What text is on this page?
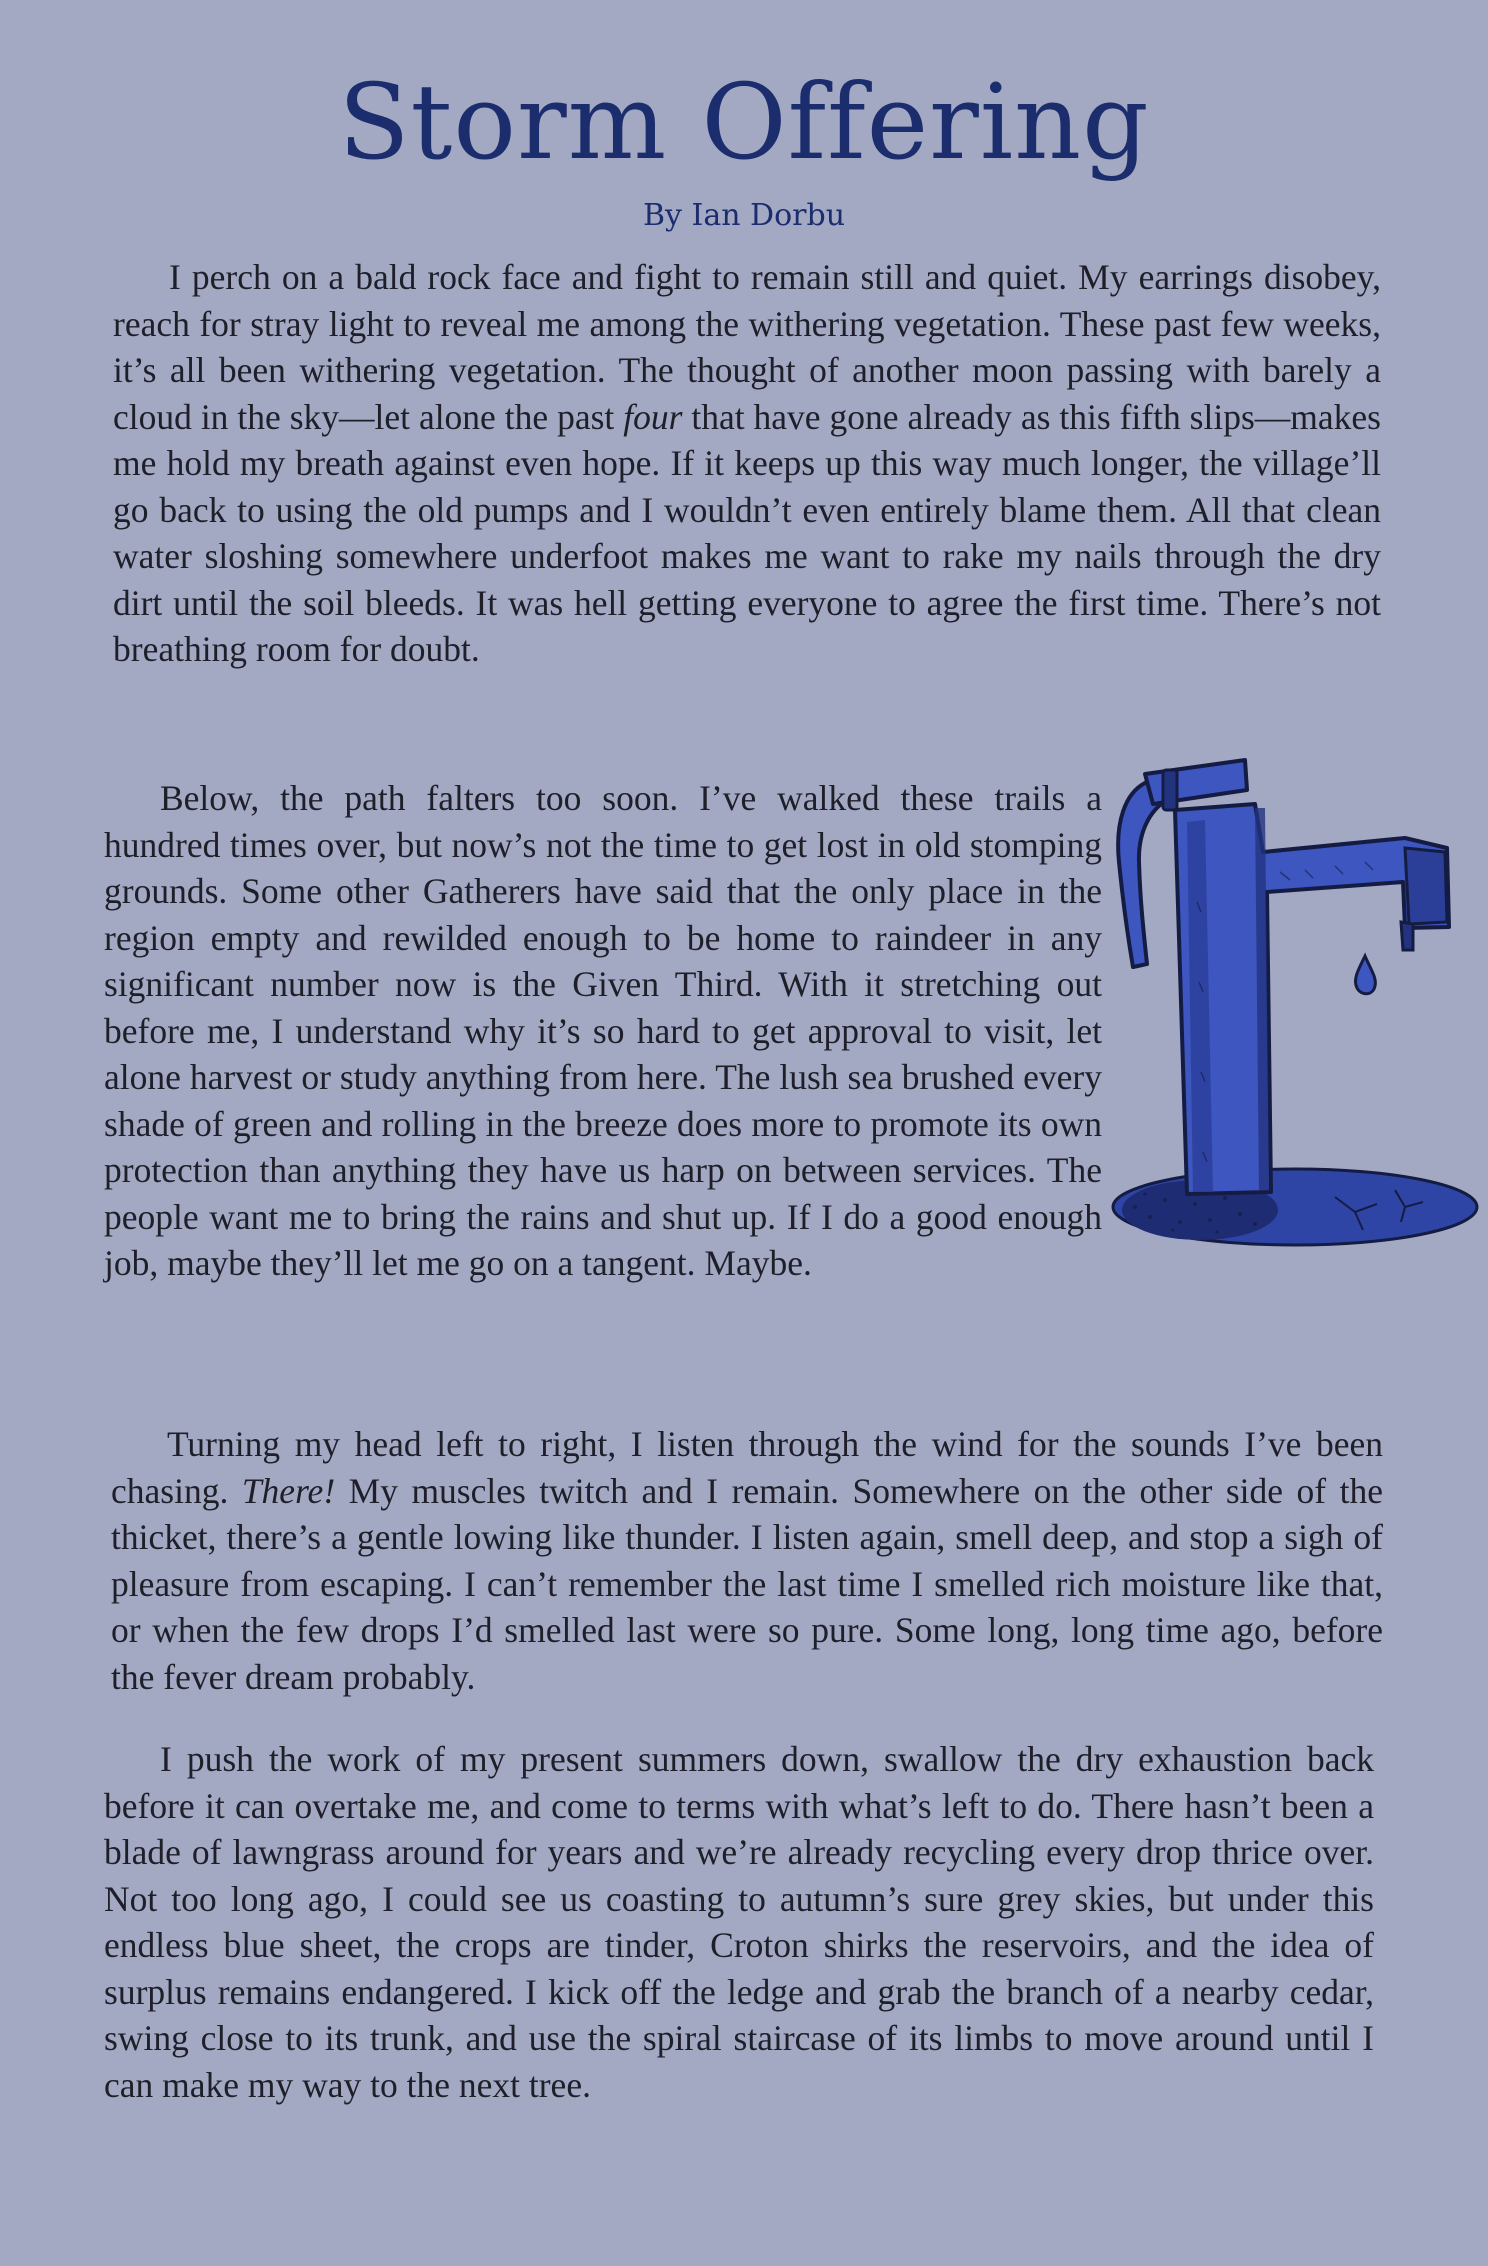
Storm Offering
By Ian Dorbu

I perch on a bald rock face and fight to remain still and quiet. My earrings disobey, reach for stray light to reveal me among the withering vegetation. These past few weeks, it’s all been withering vegetation. The thought of another moon passing with barely a cloud in the sky—let alone the past four that have gone already as this fifth slips—makes me hold my breath against even hope. If it keeps up this way much longer, the village’ll go back to using the old pumps and I wouldn’t even entirely blame them. All that clean water sloshing somewhere underfoot makes me want to rake my nails through the dry dirt until the soil bleeds. It was hell getting everyone to agree the first time. There’s not breathing room for doubt.

Below, the path falters too soon. I’ve walked these trails a hundred times over, but now’s not the time to get lost in old stomping grounds. Some other Gatherers have said that the only place in the region empty and rewilded enough to be home to raindeer in any significant number now is the Given Third. With it stretching out before me, I understand why it’s so hard to get approval to visit, let alone harvest or study anything from here. The lush sea brushed every shade of green and rolling in the breeze does more to promote its own protection than anything they have us harp on between services. The people want me to bring the rains and shut up. If I do a good enough job, maybe they’ll let me go on a tangent. Maybe.

Turning my head left to right, I listen through the wind for the sounds I’ve been chasing. There! My muscles twitch and I remain. Somewhere on the other side of the thicket, there’s a gentle lowing like thunder. I listen again, smell deep, and stop a sigh of pleasure from escaping. I can’t remember the last time I smelled rich moisture like that, or when the few drops I’d smelled last were so pure. Some long, long time ago, before the fever dream probably.

I push the work of my present summers down, swallow the dry exhaustion back before it can overtake me, and come to terms with what’s left to do. There hasn’t been a blade of lawngrass around for years and we’re already recycling every drop thrice over. Not too long ago, I could see us coasting to autumn’s sure grey skies, but under this endless blue sheet, the crops are tinder, Croton shirks the reservoirs, and the idea of surplus remains endangered. I kick off the ledge and grab the branch of a nearby cedar, swing close to its trunk, and use the spiral staircase of its limbs to move around until I can make my way to the next tree.
